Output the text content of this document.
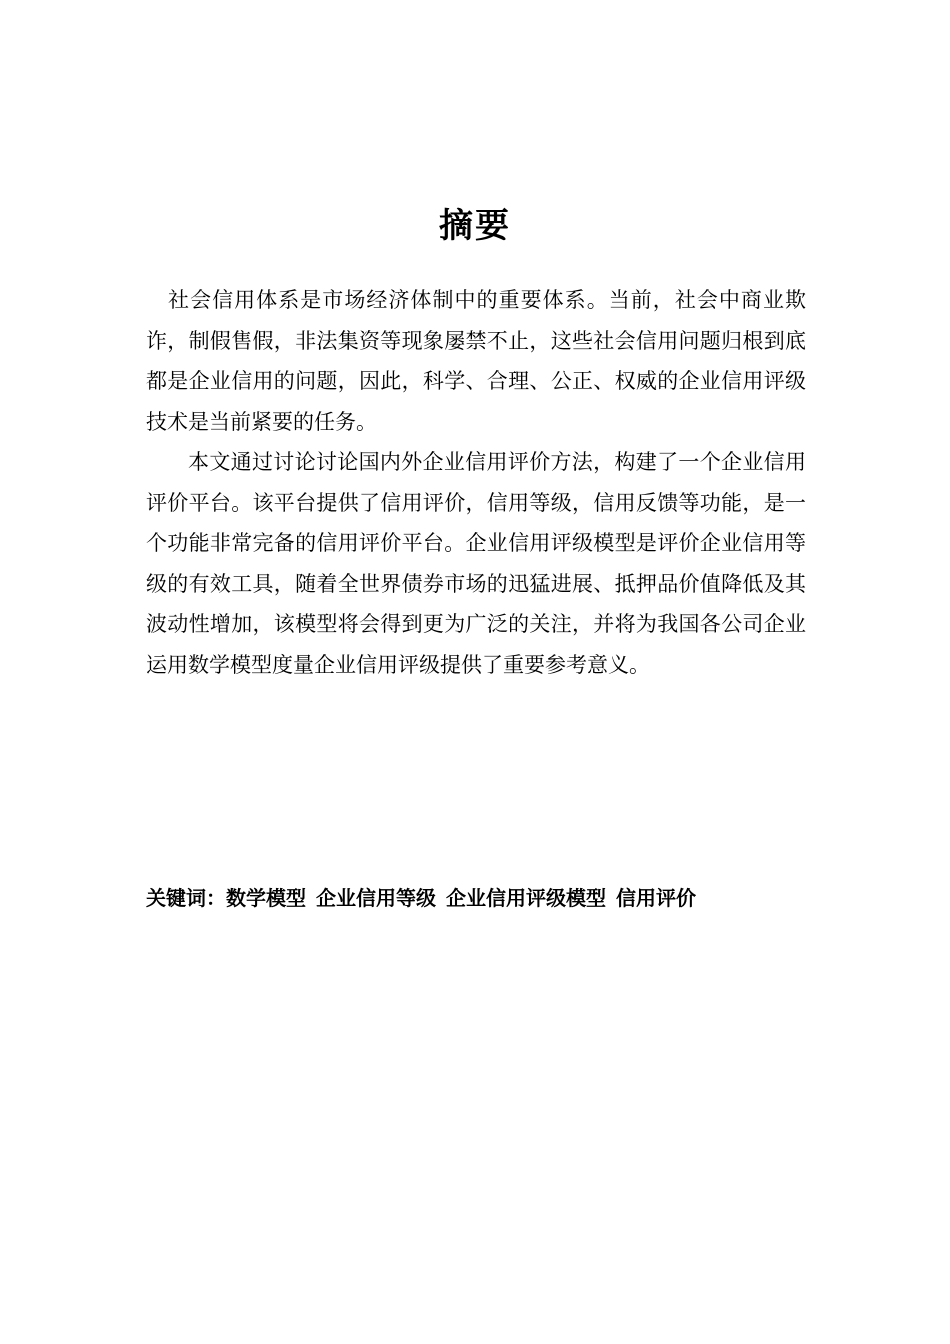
摘要

社会信用体系是市场经济体制中的重要体系。当前，社会中商业欺诈，制假售假，非法集资等现象屡禁不止，这些社会信用问题归根到底都是企业信用的问题，因此，科学、合理、公正、权威的企业信用评级技术是当前紧要的任务。

本文通过讨论讨论国内外企业信用评价方法，构建了一个企业信用评价平台。该平台提供了信用评价，信用等级，信用反馈等功能，是一个功能非常完备的信用评价平台。企业信用评级模型是评价企业信用等级的有效工具，随着全世界债券市场的迅猛进展、抵押品价值降低及其波动性增加，该模型将会得到更为广泛的关注，并将为我国各公司企业运用数学模型度量企业信用评级提供了重要参考意义。

关键词：数学模型 企业信用等级 企业信用评级模型 信用评价
